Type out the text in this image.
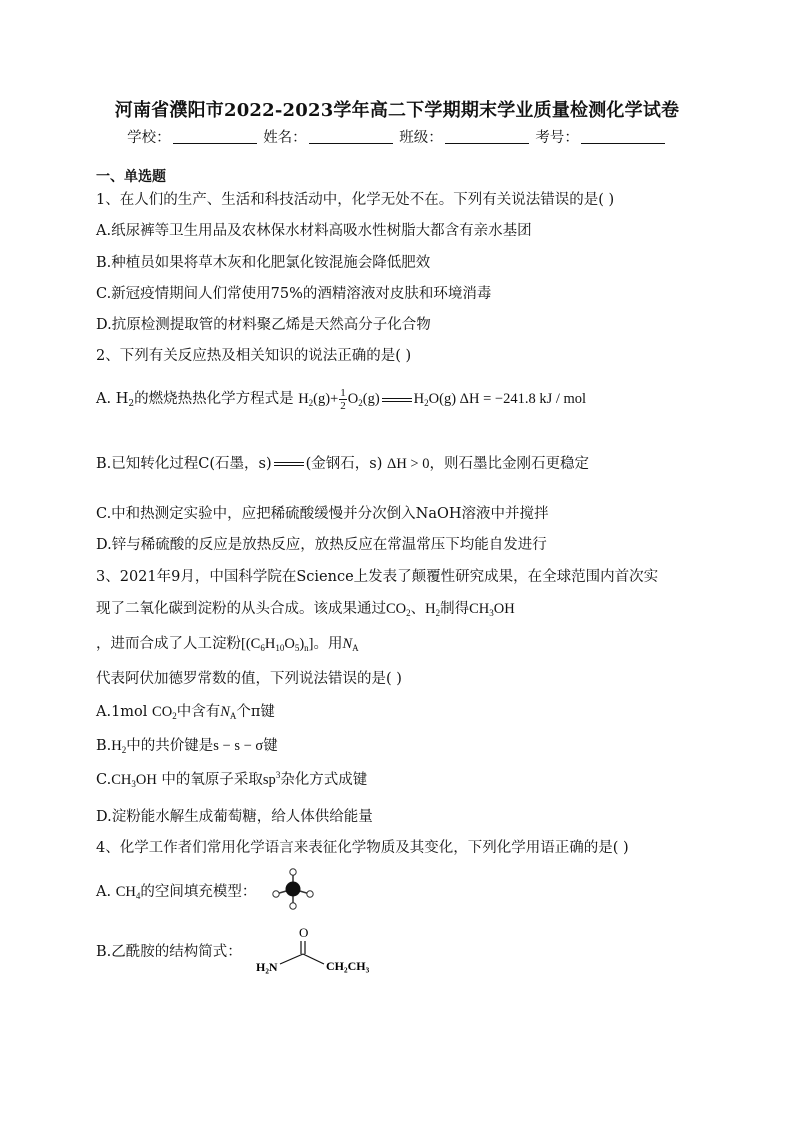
河南省濮阳市2022-2023学年高二下学期期末学业质量检测化学试卷
学校：	姓名：	班级：	考号：
一、单选题
1、在人们的生产、生活和科技活动中，化学无处不在。下列有关说法错误的是( )
A.纸尿裤等卫生用品及农林保水材料高吸水性树脂大都含有亲水基团
B.种植员如果将草木灰和化肥氯化铵混施会降低肥效
C.新冠疫情期间人们常使用75%的酒精溶液对皮肤和环境消毒
D.抗原检测提取管的材料聚乙烯是天然高分子化合物
2、下列有关反应热及相关知识的说法正确的是( )
A. $H_2$的燃烧热热化学方程式是 $H_2(g)+ \frac{1}{2} O_2(g)$ $H_2O(g) \Delta H = -241.8$ kJ / mol
B.已知转化过程C(石墨，s) (金钢石，s) ΔH > 0，则石墨比金刚石更稳定
C.中和热测定实验中，应把稀硫酸缓慢并分次倒入NaOH溶液中并搅拌
D.锌与稀硫酸的反应是放热反应，放热反应在常温常压下均能自发进行
3、2021年9月，中国科学院在Science上发表了颠覆性研究成果，在全球范围内首次实
现了二氧化碳到淀粉的从头合成。该成果通过$CO_2$、$H_2$制得$CH_3OH$
，进而合成了人工淀粉$[(C_6H_{10}O_5)_n]$。用$N_A$
代表阿伏加德罗常数的值，下列说法错误的是( )
A.1mol $CO_2$中含有$N_A$个π键
$B.H_2$中的共价键是s − s − σ键
$C.CH_3OH$ 中的氧原子采取$sp^3$杂化方式成键
D.淀粉能水解生成葡萄糖，给人体供给能量
4、化学工作者们常用化学语言来表征化学物质及其变化，下列化学用语正确的是( )
A. $CH_4$的空间填充模型：
B.乙酰胺的结构简式：
O
H₂N	CH₂CH₃
